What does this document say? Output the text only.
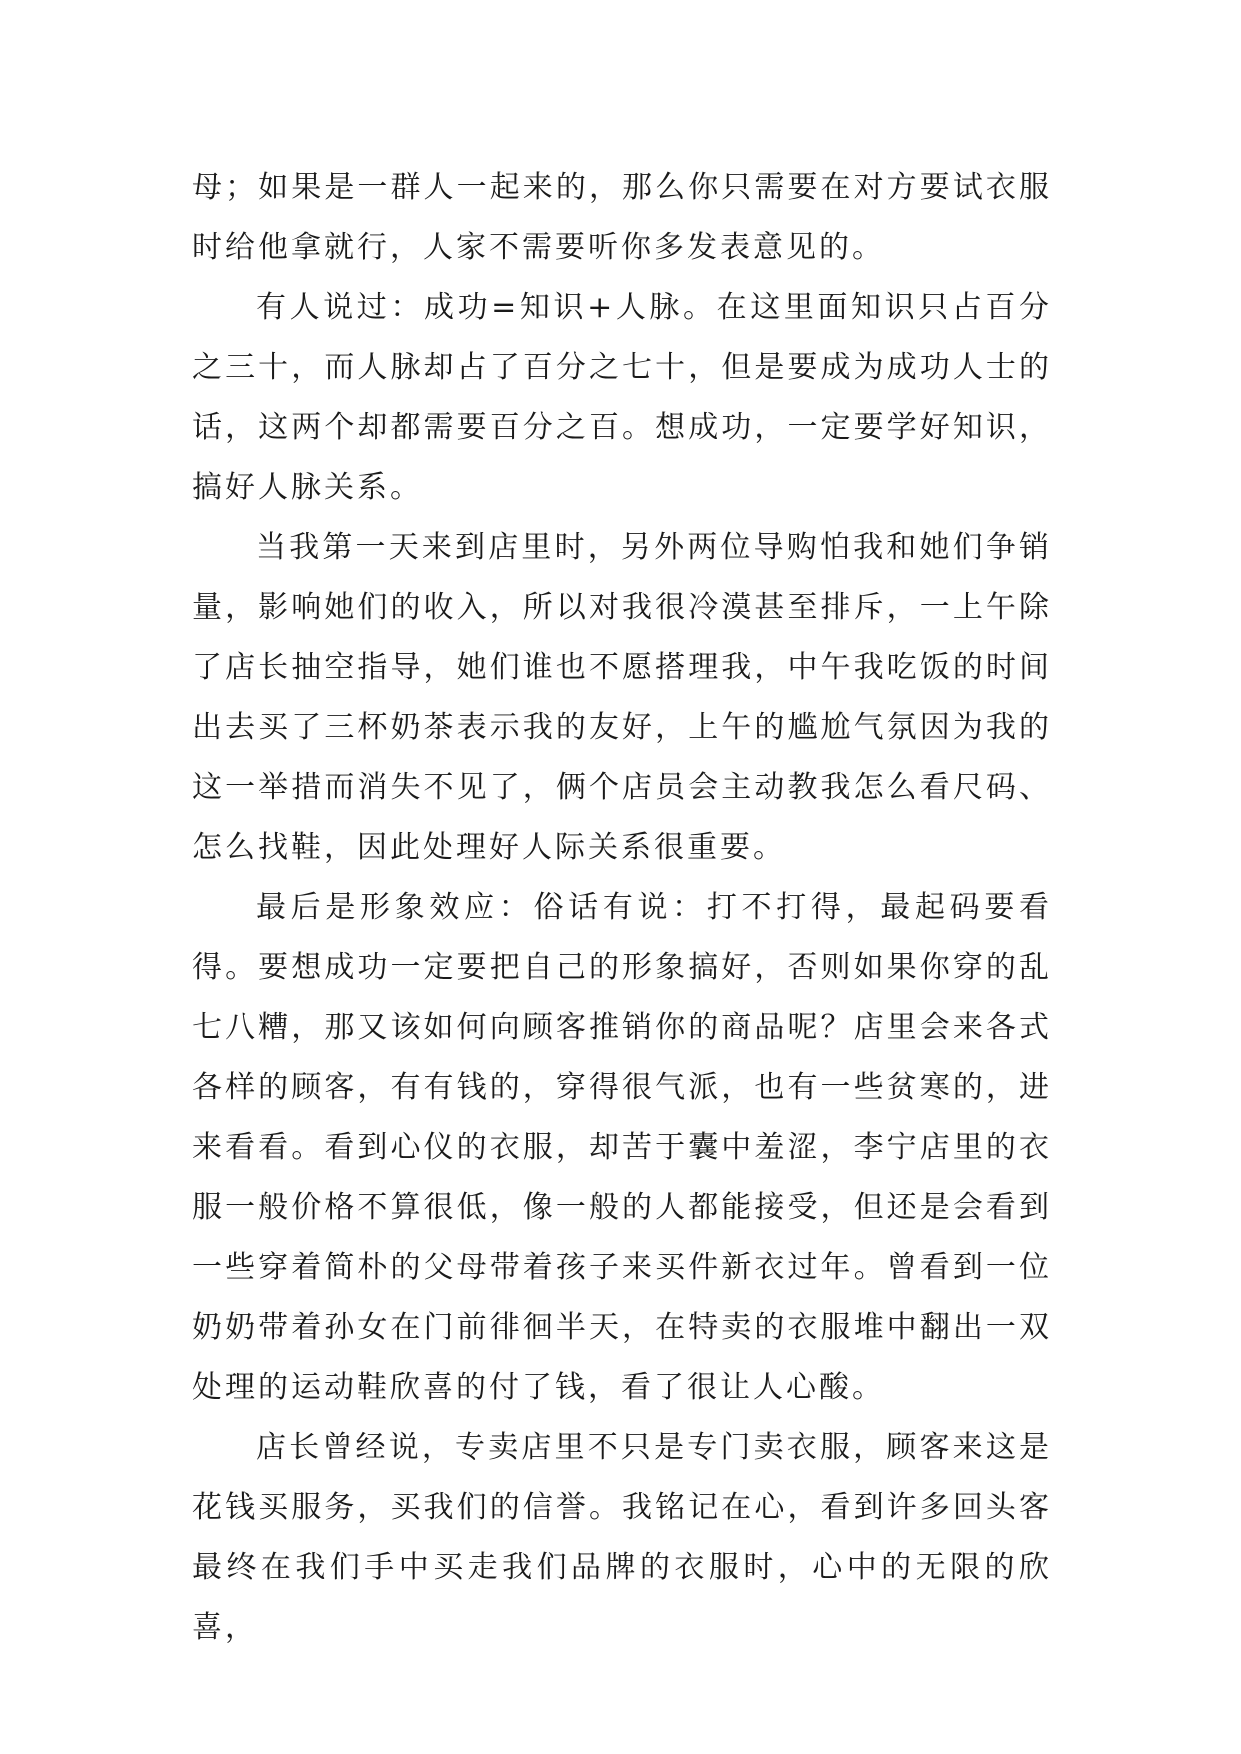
母；如果是一群人一起来的，那么你只需要在对方要试衣服时给他拿就行，人家不需要听你多发表意见的。

有人说过：成功=知识+人脉。在这里面知识只占百分之三十，而人脉却占了百分之七十，但是要成为成功人士的话，这两个却都需要百分之百。想成功，一定要学好知识，搞好人脉关系。

当我第一天来到店里时，另外两位导购怕我和她们争销量，影响她们的收入，所以对我很冷漠甚至排斥，一上午除了店长抽空指导，她们谁也不愿搭理我，中午我吃饭的时间出去买了三杯奶茶表示我的友好，上午的尴尬气氛因为我的这一举措而消失不见了，俩个店员会主动教我怎么看尺码、怎么找鞋，因此处理好人际关系很重要。

最后是形象效应：俗话有说：打不打得，最起码要看得。要想成功一定要把自己的形象搞好，否则如果你穿的乱七八糟，那又该如何向顾客推销你的商品呢？店里会来各式各样的顾客，有有钱的，穿得很气派，也有一些贫寒的，进来看看。看到心仪的衣服，却苦于囊中羞涩，李宁店里的衣服一般价格不算很低，像一般的人都能接受，但还是会看到一些穿着简朴的父母带着孩子来买件新衣过年。曾看到一位奶奶带着孙女在门前徘徊半天，在特卖的衣服堆中翻出一双处理的运动鞋欣喜的付了钱，看了很让人心酸。

店长曾经说，专卖店里不只是专门卖衣服，顾客来这是花钱买服务，买我们的信誉。我铭记在心，看到许多回头客最终在我们手中买走我们品牌的衣服时，心中的无限的欣喜，
